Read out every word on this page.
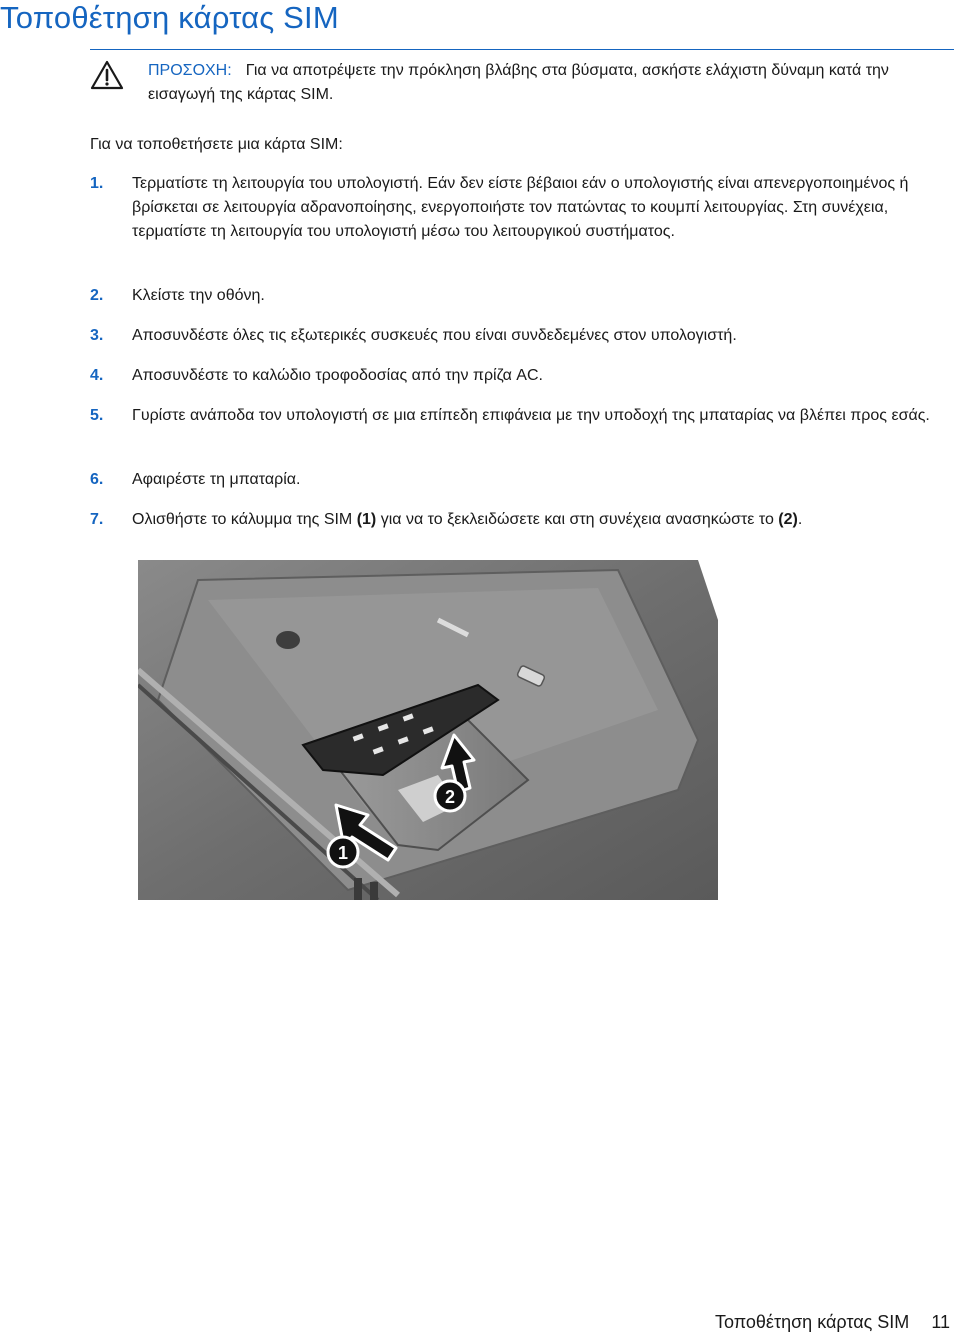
Τοποθέτηση κάρτας SIM
ΠΡΟΣΟΧΗ: Για να αποτρέψετε την πρόκληση βλάβης στα βύσματα, ασκήστε ελάχιστη δύναμη κατά την εισαγωγή της κάρτας SIM.

Για να τοποθετήσετε μια κάρτα SIM:

1. Τερματίστε τη λειτουργία του υπολογιστή. Εάν δεν είστε βέβαιοι εάν ο υπολογιστής είναι απενεργοποιημένος ή βρίσκεται σε λειτουργία αδρανοποίησης, ενεργοποιήστε τον πατώντας το κουμπί λειτουργίας. Στη συνέχεια, τερματίστε τη λειτουργία του υπολογιστή μέσω του λειτουργικού συστήματος.
2. Κλείστε την οθόνη.
3. Αποσυνδέστε όλες τις εξωτερικές συσκευές που είναι συνδεδεμένες στον υπολογιστή.
4. Αποσυνδέστε το καλώδιο τροφοδοσίας από την πρίζα AC.
5. Γυρίστε ανάποδα τον υπολογιστή σε μια επίπεδη επιφάνεια με την υποδοχή της μπαταρίας να βλέπει προς εσάς.
6. Αφαιρέστε τη μπαταρία.
7. Ολισθήστε το κάλυμμα της SIM (1) για να το ξεκλειδώσετε και στη συνέχεια ανασηκώστε το (2).
1
2
Τοποθέτηση κάρτας SIM 11
